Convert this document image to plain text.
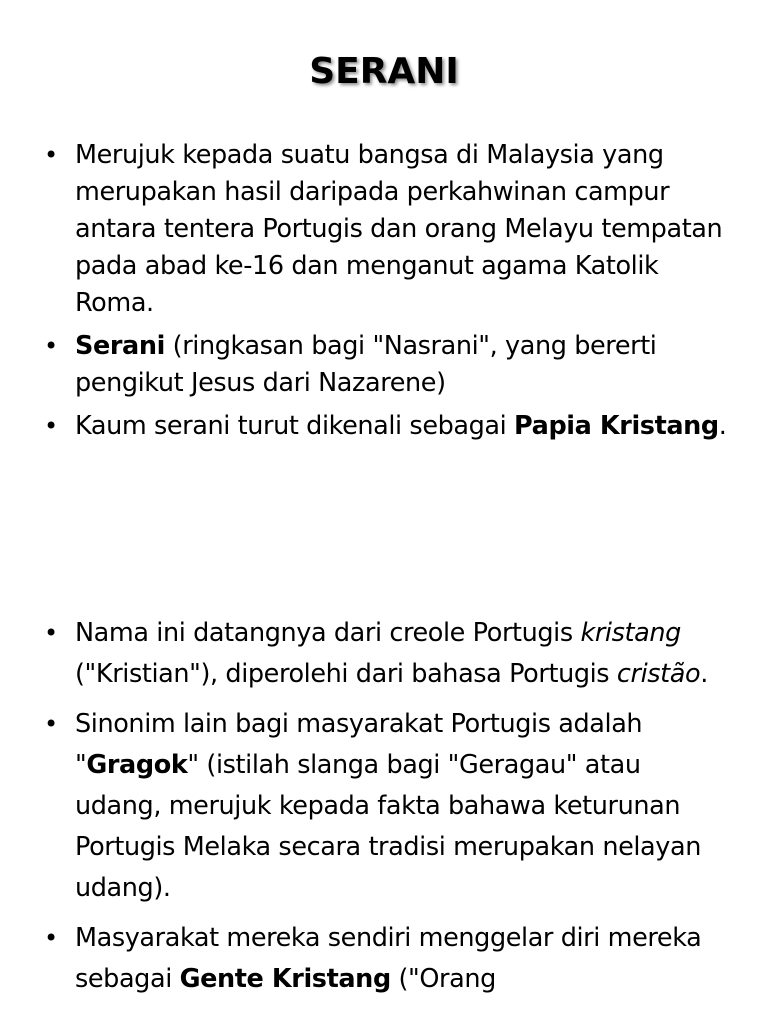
SERANI
• Merujuk kepada suatu bangsa di Malaysia yang merupakan hasil daripada perkahwinan campur antara tentera Portugis dan orang Melayu tempatan pada abad ke-16 dan menganut agama Katolik Roma.
• Serani (ringkasan bagi "Nasrani", yang bererti pengikut Jesus dari Nazarene)
• Kaum serani turut dikenali sebagai Papia Kristang.
• Nama ini datangnya dari creole Portugis kristang ("Kristian"), diperolehi dari bahasa Portugis cristão.
• Sinonim lain bagi masyarakat Portugis adalah "Gragok" (istilah slanga bagi "Geragau" atau udang, merujuk kepada fakta bahawa keturunan Portugis Melaka secara tradisi merupakan nelayan udang).
• Masyarakat mereka sendiri menggelar diri mereka sebagai Gente Kristang ("Orang
